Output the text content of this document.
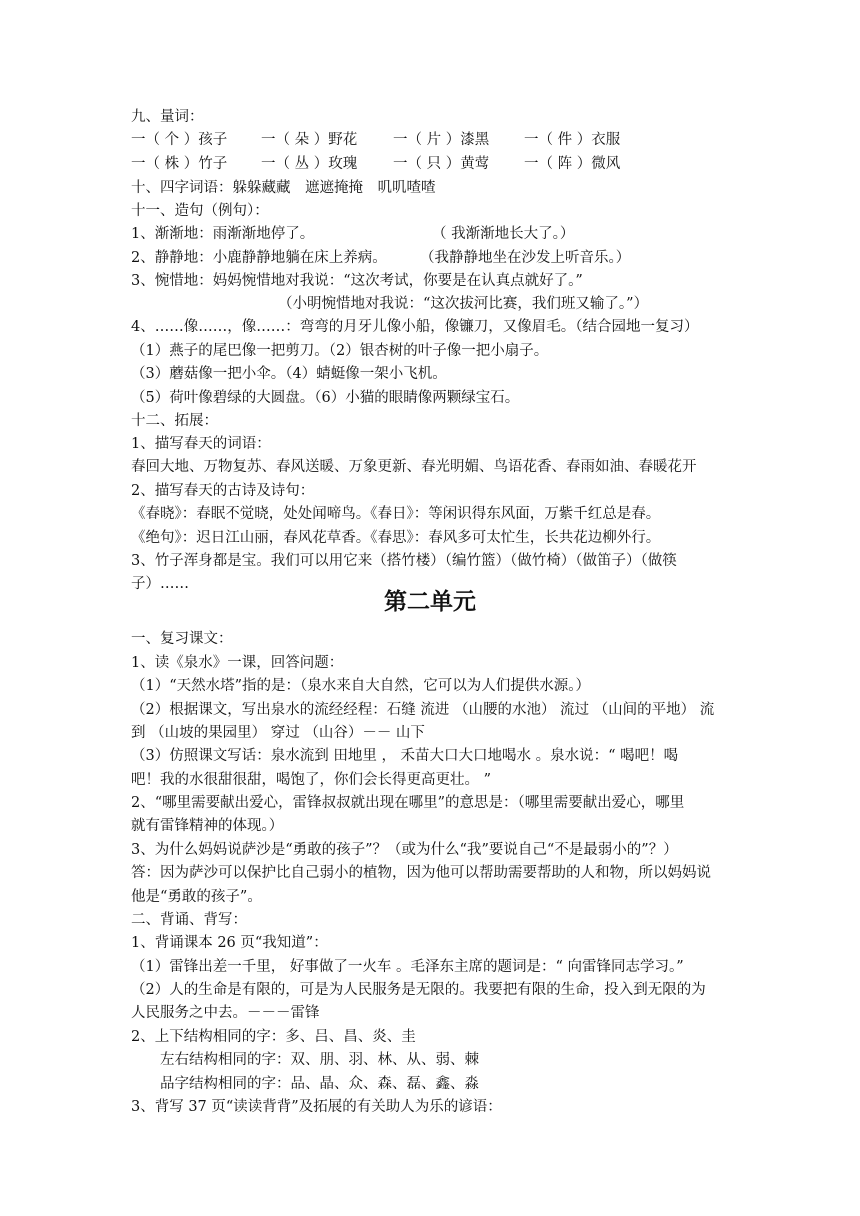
九、量词：
一（ 个 ）孩子 一（ 朵 ）野花 一（ 片 ）漆黑 一（ 件 ）衣服
一（ 株 ）竹子 一（ 丛 ）玫瑰 一（ 只 ）黄莺 一（ 阵 ）微风
十、四字词语：躲躲藏藏　遮遮掩掩　叽叽喳喳
十一、造句（例句）：
1、渐渐地：雨渐渐地停了。	（ 我渐渐地长大了。）
2、静静地：小鹿静静地躺在床上养病。 （我静静地坐在沙发上听音乐。）
3、惋惜地：妈妈惋惜地对我说：“这次考试，你要是在认真点就好了。”
（小明惋惜地对我说：“这次拔河比赛，我们班又输了。”）
4、……像……，像……：弯弯的月牙儿像小船，像镰刀，又像眉毛。（结合园地一复习）
（1）燕子的尾巴像一把剪刀。（2）银杏树的叶子像一把小扇子。
（3）蘑菇像一把小伞。（4）蜻蜓像一架小飞机。
（5）荷叶像碧绿的大圆盘。（6）小猫的眼睛像两颗绿宝石。
十二、拓展：
1、描写春天的词语：
春回大地、万物复苏、春风送暖、万象更新、春光明媚、鸟语花香、春雨如油、春暖花开
2、描写春天的古诗及诗句：
《春晓》：春眠不觉晓，处处闻啼鸟。《春日》：等闲识得东风面，万紫千红总是春。
《绝句》：迟日江山丽，春风花草香。《春思》：春风多可太忙生，长共花边柳外行。
3、竹子浑身都是宝。我们可以用它来（搭竹楼）（编竹篮）（做竹椅）（做笛子）（做筷
子）……
第二单元
一、复习课文：
1、读《泉水》一课，回答问题：
（1）“天然水塔”指的是：（泉水来自大自然，它可以为人们提供水源。）
（2）根据课文，写出泉水的流经经程：石缝 流进 （山腰的水池） 流过 （山间的平地） 流
到 （山坡的果园里） 穿过 （山谷）－－ 山下
（3）仿照课文写话：泉水流到 田地里 ， 禾苗大口大口地喝水 。泉水说：“ 喝吧！喝
吧！我的水很甜很甜，喝饱了，你们会长得更高更壮。 ”
2、“哪里需要献出爱心，雷锋叔叔就出现在哪里”的意思是：（哪里需要献出爱心，哪里
就有雷锋精神的体现。）
3、为什么妈妈说萨沙是“勇敢的孩子”？（或为什么“我”要说自己“不是最弱小的”？）
答：因为萨沙可以保护比自己弱小的植物，因为他可以帮助需要帮助的人和物，所以妈妈说
他是“勇敢的孩子”。
二、背诵、背写：
1、背诵课本 26 页“我知道”：
（1）雷锋出差一千里， 好事做了一火车 。毛泽东主席的题词是：“ 向雷锋同志学习。”
（2）人的生命是有限的，可是为人民服务是无限的。我要把有限的生命，投入到无限的为
人民服务之中去。－－－雷锋
2、上下结构相同的字：多、吕、昌、炎、圭
左右结构相同的字：双、朋、羽、林、从、弱、棘
品字结构相同的字：品、晶、众、森、磊、鑫、淼
3、背写 37 页“读读背背”及拓展的有关助人为乐的谚语：
